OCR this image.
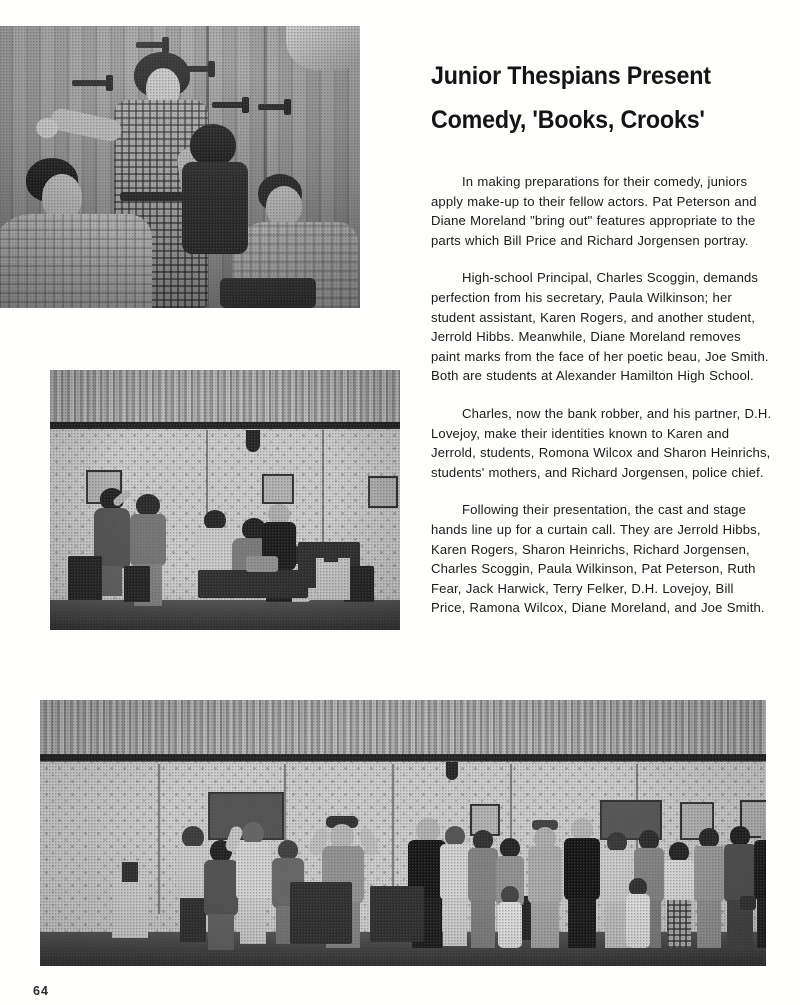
Junior Thespians Present
Comedy, 'Books, Crooks'

In making preparations for their comedy, juniors apply make-up to their fellow actors. Pat Peterson and Diane Moreland "bring out" features appropriate to the parts which Bill Price and Richard Jorgensen portray.

High-school Principal, Charles Scoggin, demands perfection from his secretary, Paula Wilkinson; her student assistant, Karen Rogers, and another student, Jerrold Hibbs. Meanwhile, Diane Moreland removes paint marks from the face of her poetic beau, Joe Smith. Both are students at Alexander Hamilton High School.

Charles, now the bank robber, and his partner, D.H. Lovejoy, make their identities known to Karen and Jerrold, students, Romona Wilcox and Sharon Heinrichs, students' mothers, and Richard Jorgensen, police chief.

Following their presentation, the cast and stage hands line up for a curtain call. They are Jerrold Hibbs, Karen Rogers, Sharon Heinrichs, Richard Jorgensen, Charles Scoggin, Paula Wilkinson, Pat Peterson, Ruth Fear, Jack Harwick, Terry Felker, D.H. Lovejoy, Bill Price, Ramona Wilcox, Diane Moreland, and Joe Smith.

64
